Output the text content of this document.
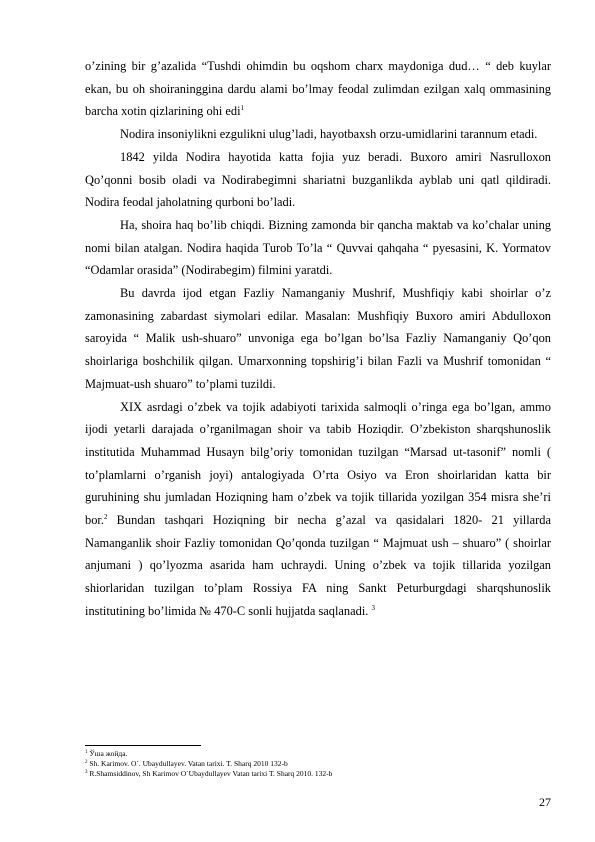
o’zining bir g’azalida “Tushdi ohimdin bu oqshom charx maydoniga dud… “ deb kuylar ekan, bu oh shoiraninggina dardu alami bo’lmay feodal zulimdan ezilgan xalq ommasining barcha xotin qizlarining ohi edi$^1$

Nodira insoniylikni ezgulikni ulug’ladi, hayotbaxsh orzu-umidlarini tarannum etadi.

1842 yilda Nodira hayotida katta fojia yuz beradi. Buxoro amiri Nasrulloxon Qo’qonni bosib oladi va Nodirabegimni shariatni buzganlikda ayblab uni qatl qildiradi. Nodira feodal jaholatning qurboni bo’ladi.

Ha, shoira haq bo’lib chiqdi. Bizning zamonda bir qancha maktab va ko’chalar uning nomi bilan atalgan. Nodira haqida Turob To’la “ Quvvai qahqaha “ pyesasini, K. Yormatov “Odamlar orasida” (Nodirabegim) filmini yaratdi.

Bu davrda ijod etgan Fazliy Namanganiy Mushrif, Mushfiqiy kabi shoirlar o’z zamonasining zabardast siymolari edilar. Masalan: Mushfiqiy Buxoro amiri Abdulloxon saroyida “ Malik ush-shuaro” unvoniga ega bo’lgan bo’lsa Fazliy Namanganiy Qo’qon shoirlariga boshchilik qilgan. Umarxonning topshirig’i bilan Fazli va Mushrif tomonidan “ Majmuat-ush shuaro” to’plami tuzildi.

XIX asrdagi o’zbek va tojik adabiyoti tarixida salmoqli o’ringa ega bo’lgan, ammo ijodi yetarli darajada o’rganilmagan shoir va tabib Hoziqdir. O’zbekiston sharqshunoslik institutida Muhammad Husayn bilg’oriy tomonidan tuzilgan “Marsad ut-tasonif” nomli ( to’plamlarni o’rganish joyi) antalogiyada O’rta Osiyo va Eron shoirlaridan katta bir guruhining shu jumladan Hoziqning ham o’zbek va tojik tillarida yozilgan 354 misra she’ri bor.$^2$ Bundan tashqari Hoziqning bir necha g’azal va qasidalari 1820- 21 yillarda Namanganlik shoir Fazliy tomonidan Qo’qonda tuzilgan “ Majmuat ush – shuaro” ( shoirlar anjumani ) qo’lyozma asarida ham uchraydi. Uning o’zbek va tojik tillarida yozilgan shiorlaridan tuzilgan to’plam Rossiya FA ning Sankt Peturburgdagi sharqshunoslik institutining bo’limida № 470-C sonli hujjatda saqlanadi. $^3$

$^1$ Ўша жойда.
$^2$ Sh. Karimov. O`. Ubaydullayev. Vatan tarixi. T. Sharq 2010 132-b
$^3$ R.Shamsiddinov, Sh Karimov O`Ubaydullayev Vatan tarixi T. Sharq 2010. 132-b
27
